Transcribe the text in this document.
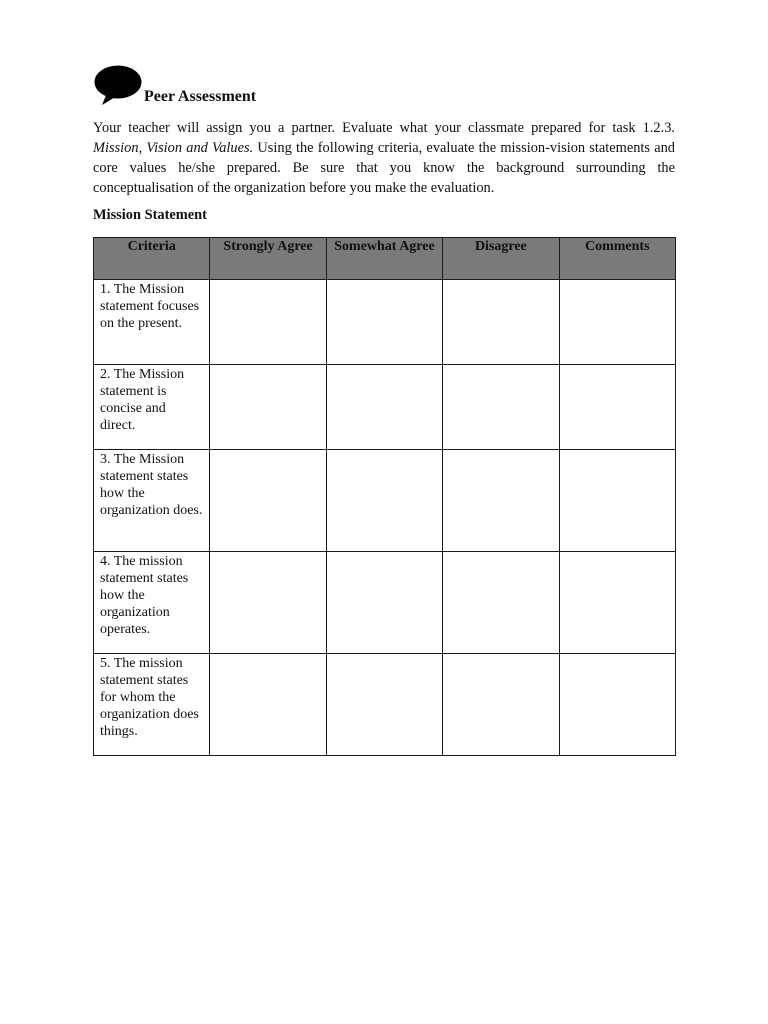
Peer Assessment

Your teacher will assign you a partner. Evaluate what your classmate prepared for task 1.2.3. Mission, Vision and Values. Using the following criteria, evaluate the mission-vision statements and core values he/she prepared. Be sure that you know the background surrounding the conceptualisation of the organization before you make the evaluation.

Mission Statement
Criteria	Strongly Agree	Somewhat Agree	Disagree	Comments
1. The Mission statement focuses on the present.				
2. The Mission statement is concise and direct.				
3. The Mission statement states how the organization does.				
4. The mission statement states how the organization operates.				
5. The mission statement states for whom the organization does things.				
